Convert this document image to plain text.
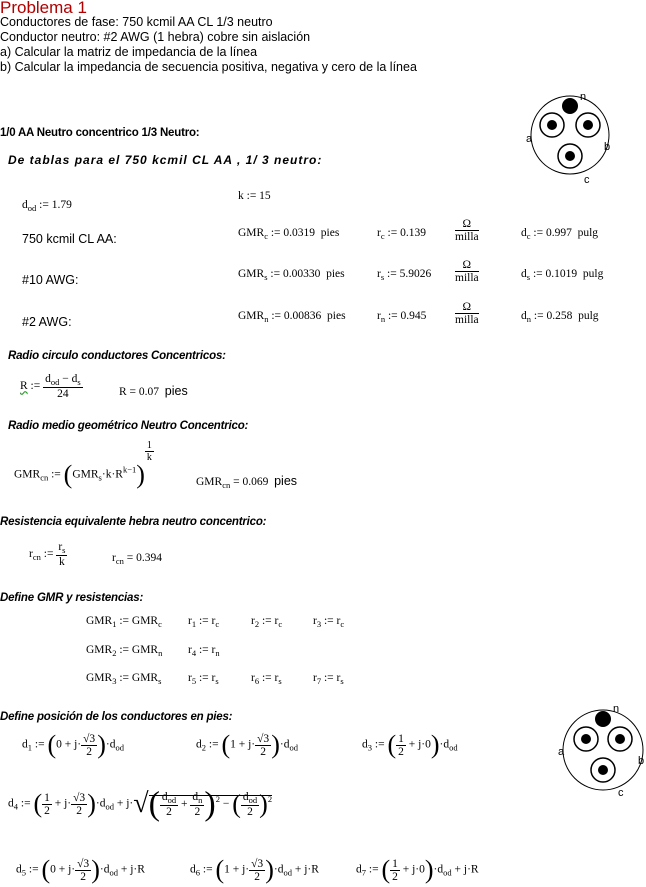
Problema 1
Conductores de fase: 750 kcmil AA CL 1/3 neutro
Conductor neutro: #2 AWG (1 hebra) cobre sin aislación
a) Calcular la matriz de impedancia de la línea
b) Calcular la impedancia de secuencia positiva, negativa y cero de la línea
n
a
b
c
1/0 AA Neutro concentrico 1/3 Neutro:
De tablas para el 750 kcmil CL AA , 1/ 3 neutro:
$d_{od}$ := 1.79
k := 15
750 kcmil CL AA:	$GMR_c$ := 0.0319 pies	$r_c$ := $0.139 \frac{\Omega}{\text{milla}}$	$d_c$ := 0.997 pulg
#10 AWG:	$GMR_s$ := 0.00330 pies	$r_s$ := $5.9026 \frac{\Omega}{\text{milla}}$	$d_s$ := 0.1019 pulg
#2 AWG:	$GMR_n$ := 0.00836 pies	$r_n$ := $0.945 \frac{\Omega}{\text{milla}}$	$d_n$ := 0.258 pulg
Radio circulo conductores Concentricos:
R := $\frac{d_{od} - d_s}{24}$	R = 0.07 pies
Radio medio geométrico Neutro Concentrico:
$GMR_{cn}$ := $(GMR_s\cdot k\cdot R^{k-1})$
$^{\frac{1}{k}}$
$GMR_{cn} = 0.069$ pies
Resistencia equivalente hebra neutro concentrico:
$r_{cn}$ := $\frac{r_s}{k}$	$r_{cn} = 0.394$
Define GMR y resistencias:
$GMR_1$ := $GMR_c$ $r_1$ := $r_c$	$r_2$ := $r_c$	$r_3$ := $r_c$
$GMR_2$ := $GMR_n$ $r_4$ := $r_n$
$GMR_3$ := $GMR_s$ $r_5$ := $r_s$	$r_6$ := $r_s$	$r_7$ := $r_s$
Define posición de los conductores en pies:
$d_1$ := $(0 + j\cdot \frac{√3}{2} )\cdot d_{od}$	$d_2$ := $(1 + j\cdot \frac{√3}{2} )\cdot d_{od}$	$d_3$ := ( $\frac{1}{2} + j\cdot 0)\cdot d_{od}$
$d_4$ := ( $\frac{1}{2} + j\cdot \frac{√3}{2} )\cdot d_{od} + j\cdot√( \frac{d_{od}}{2} + \frac{d_n}{2} )^2$ − ( $\frac{d_{od}}{2} )^2$
$d_5$ := $(0 + j\cdot \frac{√3}{2} )\cdot d_{od} + j\cdot R$	$d_6$ := $(1 + j\cdot \frac{√3}{2} )\cdot d_{od} + j\cdot R$	$d_7$ := ( $\frac{1}{2} + j\cdot 0)\cdot d_{od} + j\cdot R$
n
a
b
c
